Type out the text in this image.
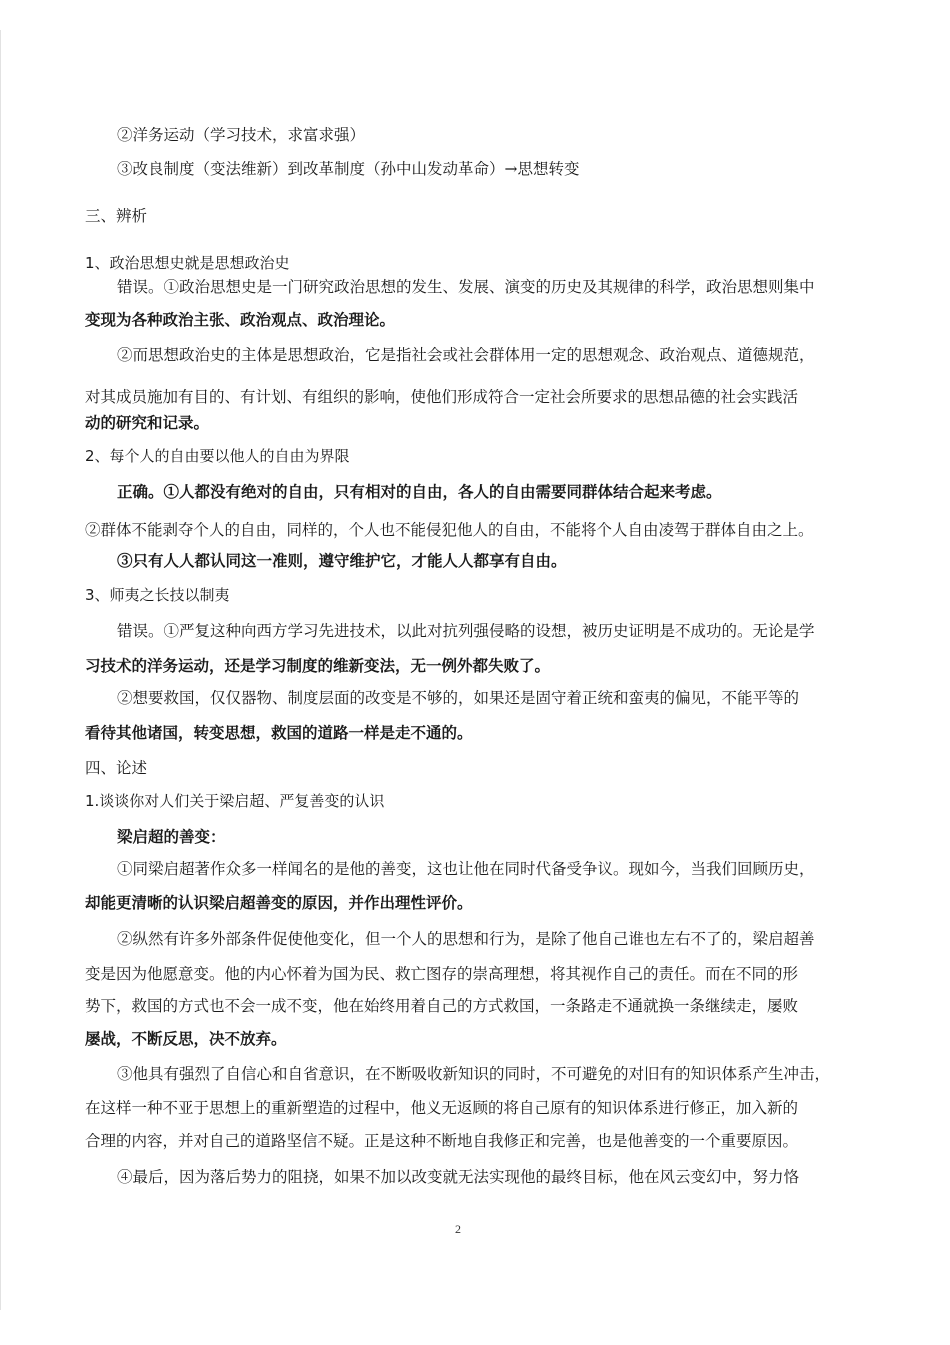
②洋务运动（学习技术，求富求强）
③改良制度（变法维新）到改革制度（孙中山发动革命）→思想转变
三、辨析
1、政治思想史就是思想政治史
错误。①政治思想史是一门研究政治思想的发生、发展、演变的历史及其规律的科学，政治思想则集中
变现为各种政治主张、政治观点、政治理论。
②而思想政治史的主体是思想政治，它是指社会或社会群体用一定的思想观念、政治观点、道德规范，
对其成员施加有目的、有计划、有组织的影响，使他们形成符合一定社会所要求的思想品德的社会实践活
动的研究和记录。
2、每个人的自由要以他人的自由为界限
正确。①人都没有绝对的自由，只有相对的自由，各人的自由需要同群体结合起来考虑。
②群体不能剥夺个人的自由，同样的，个人也不能侵犯他人的自由，不能将个人自由凌驾于群体自由之上。
③只有人人都认同这一准则，遵守维护它，才能人人都享有自由。
3、师夷之长技以制夷
错误。①严复这种向西方学习先进技术，以此对抗列强侵略的设想，被历史证明是不成功的。无论是学
习技术的洋务运动，还是学习制度的维新变法，无一例外都失败了。
②想要救国，仅仅器物、制度层面的改变是不够的，如果还是固守着正统和蛮夷的偏见，不能平等的
看待其他诸国，转变思想，救国的道路一样是走不通的。
四、论述
1.谈谈你对人们关于梁启超、严复善变的认识
梁启超的善变：
①同梁启超著作众多一样闻名的是他的善变，这也让他在同时代备受争议。现如今，当我们回顾历史，
却能更清晰的认识梁启超善变的原因，并作出理性评价。
②纵然有许多外部条件促使他变化，但一个人的思想和行为，是除了他自己谁也左右不了的，梁启超善
变是因为他愿意变。他的内心怀着为国为民、救亡图存的崇高理想，将其视作自己的责任。而在不同的形
势下，救国的方式也不会一成不变，他在始终用着自己的方式救国，一条路走不通就换一条继续走，屡败
屡战，不断反思，决不放弃。
③他具有强烈了自信心和自省意识，在不断吸收新知识的同时，不可避免的对旧有的知识体系产生冲击，
在这样一种不亚于思想上的重新塑造的过程中，他义无返顾的将自己原有的知识体系进行修正，加入新的
合理的内容，并对自己的道路坚信不疑。正是这种不断地自我修正和完善，也是他善变的一个重要原因。
④最后，因为落后势力的阻挠，如果不加以改变就无法实现他的最终目标，他在风云变幻中，努力恪
2
